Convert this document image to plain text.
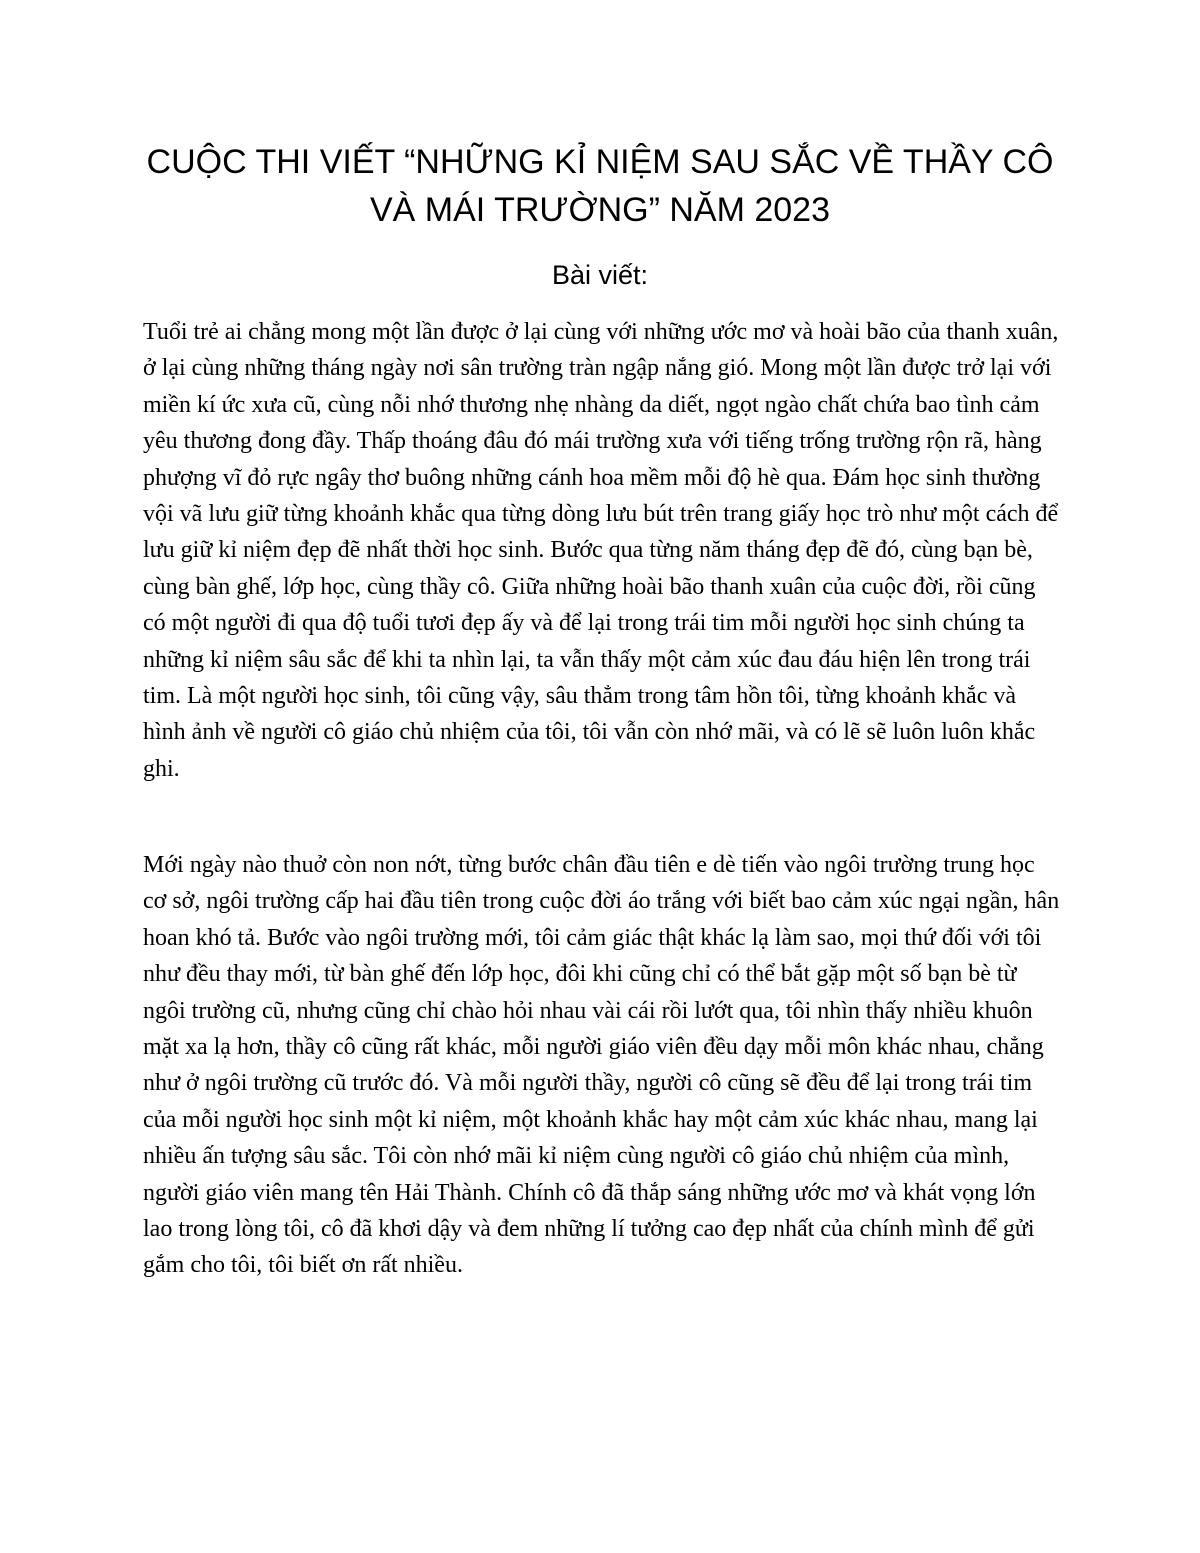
CUỘC THI VIẾT “NHỮNG KỈ NIỆM SAU SẮC VỀ THẦY CÔ VÀ MÁI TRƯỜNG” NĂM 2023
Bài viết:

Tuổi trẻ ai chẳng mong một lần được ở lại cùng với những ước mơ và hoài bão của thanh xuân, ở lại cùng những tháng ngày nơi sân trường tràn ngập nắng gió. Mong một lần được trở lại với miền kí ức xưa cũ, cùng nỗi nhớ thương nhẹ nhàng da diết, ngọt ngào chất chứa bao tình cảm yêu thương đong đầy. Thấp thoáng đâu đó mái trường xưa với tiếng trống trường rộn rã, hàng phượng vĩ đỏ rực ngây thơ buông những cánh hoa mềm mỗi độ hè qua. Đám học sinh thường vội vã lưu giữ từng khoảnh khắc qua từng dòng lưu bút trên trang giấy học trò như một cách để lưu giữ kỉ niệm đẹp đẽ nhất thời học sinh. Bước qua từng năm tháng đẹp đẽ đó, cùng bạn bè, cùng bàn ghế, lớp học, cùng thầy cô. Giữa những hoài bão thanh xuân của cuộc đời, rồi cũng có một người đi qua độ tuổi tươi đẹp ấy và để lại trong trái tim mỗi người học sinh chúng ta những kỉ niệm sâu sắc để khi ta nhìn lại, ta vẫn thấy một cảm xúc đau đáu hiện lên trong trái tim. Là một người học sinh, tôi cũng vậy, sâu thẳm trong tâm hồn tôi, từng khoảnh khắc và hình ảnh về người cô giáo chủ nhiệm của tôi, tôi vẫn còn nhớ mãi, và có lẽ sẽ luôn luôn khắc ghi.

Mới ngày nào thuở còn non nớt, từng bước chân đầu tiên e dè tiến vào ngôi trường trung học cơ sở, ngôi trường cấp hai đầu tiên trong cuộc đời áo trắng với biết bao cảm xúc ngại ngần, hân hoan khó tả. Bước vào ngôi trường mới, tôi cảm giác thật khác lạ làm sao, mọi thứ đối với tôi như đều thay mới, từ bàn ghế đến lớp học, đôi khi cũng chỉ có thể bắt gặp một số bạn bè từ ngôi trường cũ, nhưng cũng chỉ chào hỏi nhau vài cái rồi lướt qua, tôi nhìn thấy nhiều khuôn mặt xa lạ hơn, thầy cô cũng rất khác, mỗi người giáo viên đều dạy mỗi môn khác nhau, chẳng như ở ngôi trường cũ trước đó. Và mỗi người thầy, người cô cũng sẽ đều để lại trong trái tim của mỗi người học sinh một kỉ niệm, một khoảnh khắc hay một cảm xúc khác nhau, mang lại nhiều ấn tượng sâu sắc. Tôi còn nhớ mãi kỉ niệm cùng người cô giáo chủ nhiệm của mình, người giáo viên mang tên Hải Thành. Chính cô đã thắp sáng những ước mơ và khát vọng lớn lao trong lòng tôi, cô đã khơi dậy và đem những lí tưởng cao đẹp nhất của chính mình để gửi gắm cho tôi, tôi biết ơn rất nhiều.
